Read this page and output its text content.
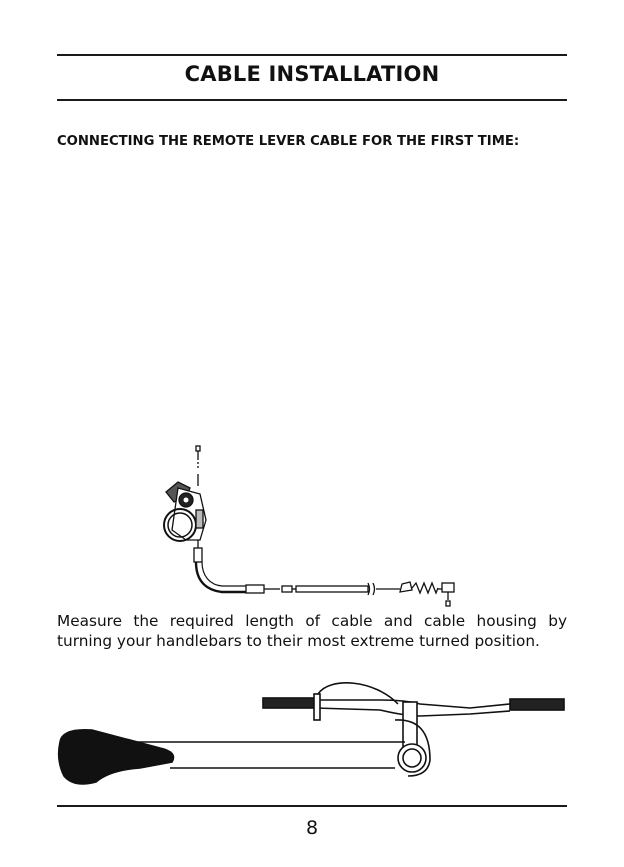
CABLE INSTALLATION
CONNECTING THE REMOTE LEVER CABLE FOR THE FIRST TIME:
Measure the required length of cable and cable housing by turning your handlebars to their most extreme turned position.
8
